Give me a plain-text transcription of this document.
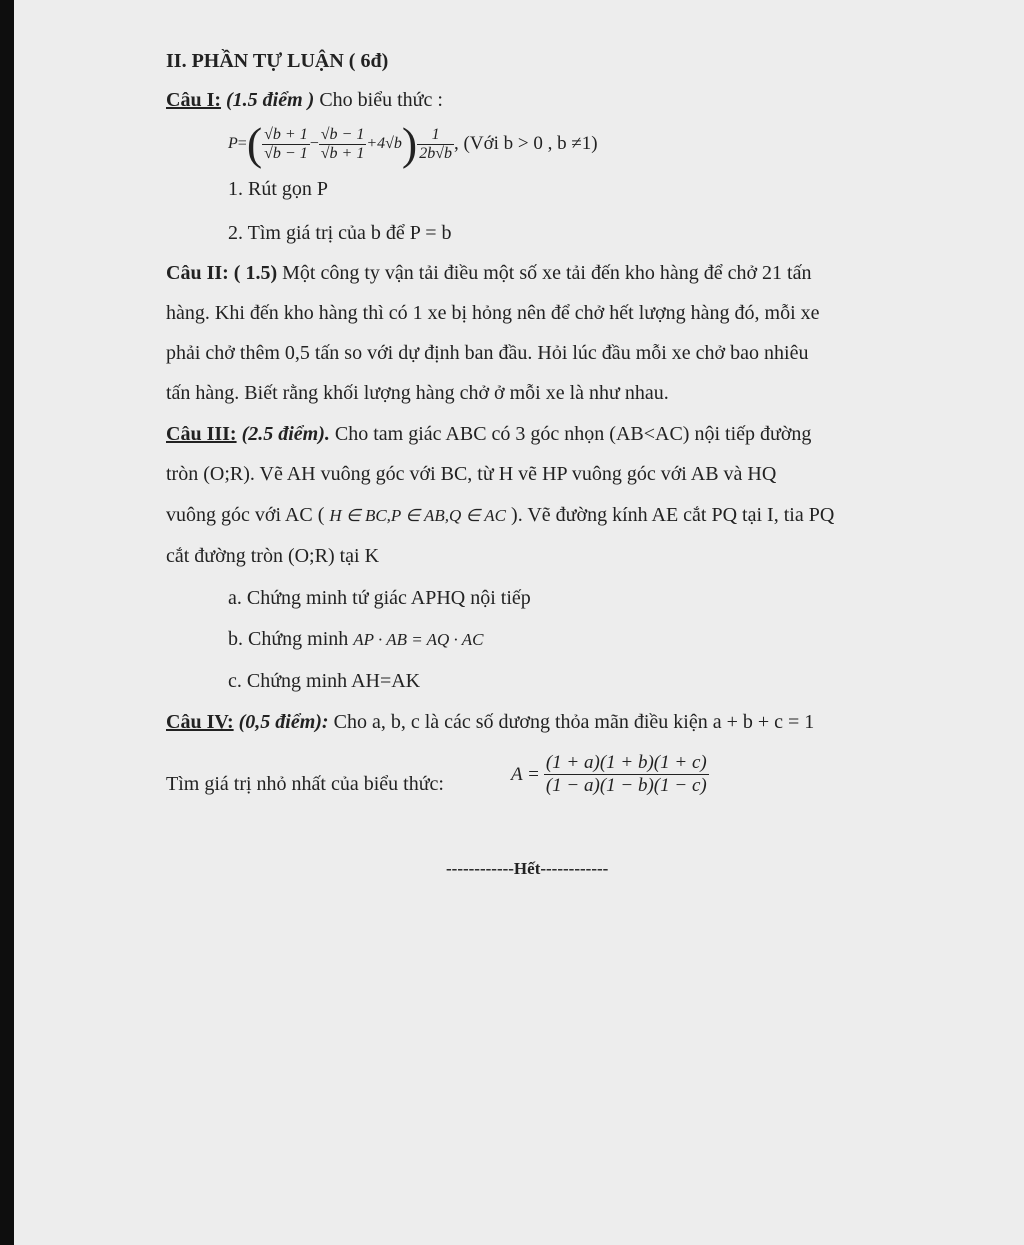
II. PHẦN TỰ LUẬN ( 6đ)
Câu I: (1.5 điểm ) Cho biểu thức :
P = ( $\frac{√b + 1}{√b - 1} - \frac{√b - 1}{√b + 1} +4√b$ ) $\frac{1}{2b√b}$ , (Với b > 0 , b ≠1)
1. Rút gọn P
2. Tìm giá trị của b để P = b
Câu II: ( 1.5) Một công ty vận tải điều một số xe tải đến kho hàng để chở 21 tấn
hàng. Khi đến kho hàng thì có 1 xe bị hỏng nên để chở hết lượng hàng đó, mỗi xe
phải chở thêm 0,5 tấn so với dự định ban đầu. Hỏi lúc đầu mỗi xe chở bao nhiêu
tấn hàng. Biết rằng khối lượng hàng chở ở mỗi xe là như nhau.
Câu III: (2.5 điểm). Cho tam giác ABC có 3 góc nhọn (AB<AC) nội tiếp đường
tròn (O;R). Vẽ AH vuông góc với BC, từ H vẽ HP vuông góc với AB và HQ
vuông góc với AC ( H ∈ BC,P ∈ AB,Q ∈ AC ). Vẽ đường kính AE cắt PQ tại I, tia PQ
cắt đường tròn (O;R) tại K
a. Chứng minh tứ giác APHQ nội tiếp
b. Chứng minh AP · AB = AQ · AC
c. Chứng minh AH=AK
Câu IV: (0,5 điểm): Cho a, b, c là các số dương thỏa mãn điều kiện a + b + c = 1
Tìm giá trị nhỏ nhất của biểu thức:	$A = \frac{(1 + a)(1 + b)(1 + c)}{(1 - a)(1 - b)(1 - c)}$
------------Hết------------
